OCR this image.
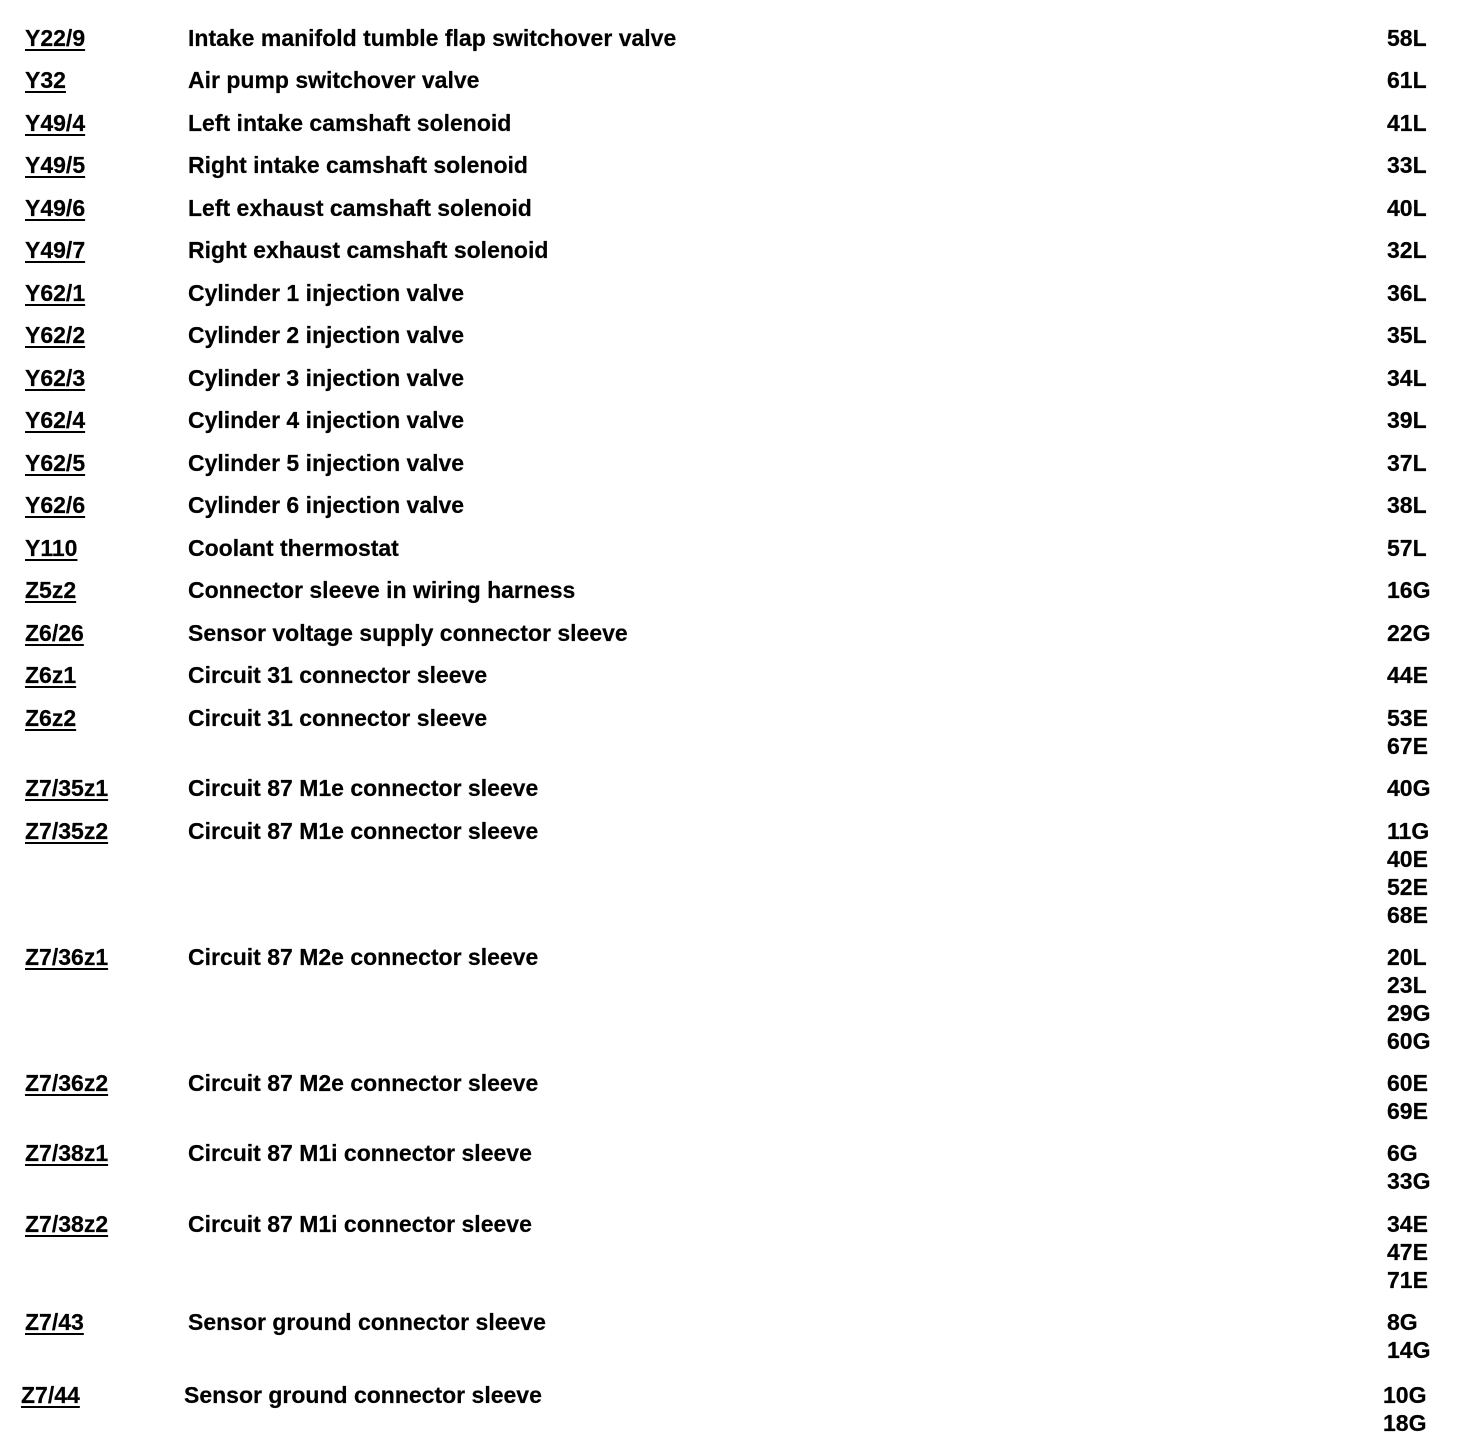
Y22/9	Intake manifold tumble flap switchover valve	58L
Y32	Air pump switchover valve	61L
Y49/4	Left intake camshaft solenoid	41L
Y49/5	Right intake camshaft solenoid	33L
Y49/6	Left exhaust camshaft solenoid	40L
Y49/7	Right exhaust camshaft solenoid	32L
Y62/1	Cylinder 1 injection valve	36L
Y62/2	Cylinder 2 injection valve	35L
Y62/3	Cylinder 3 injection valve	34L
Y62/4	Cylinder 4 injection valve	39L
Y62/5	Cylinder 5 injection valve	37L
Y62/6	Cylinder 6 injection valve	38L
Y110	Coolant thermostat	57L
Z5z2	Connector sleeve in wiring harness	16G
Z6/26	Sensor voltage supply connector sleeve	22G
Z6z1	Circuit 31 connector sleeve	44E
Z6z2	Circuit 31 connector sleeve	53E
67E
Z7/35z1	Circuit 87 M1e connector sleeve	40G
Z7/35z2	Circuit 87 M1e connector sleeve	11G
40E
52E
68E
Z7/36z1	Circuit 87 M2e connector sleeve	20L
23L
29G
60G
Z7/36z2	Circuit 87 M2e connector sleeve	60E
69E
Z7/38z1	Circuit 87 M1i connector sleeve	6G
33G
Z7/38z2	Circuit 87 M1i connector sleeve	34E
47E
71E
Z7/43	Sensor ground connector sleeve	8G
14G
Z7/44	Sensor ground connector sleeve	10G
18G
